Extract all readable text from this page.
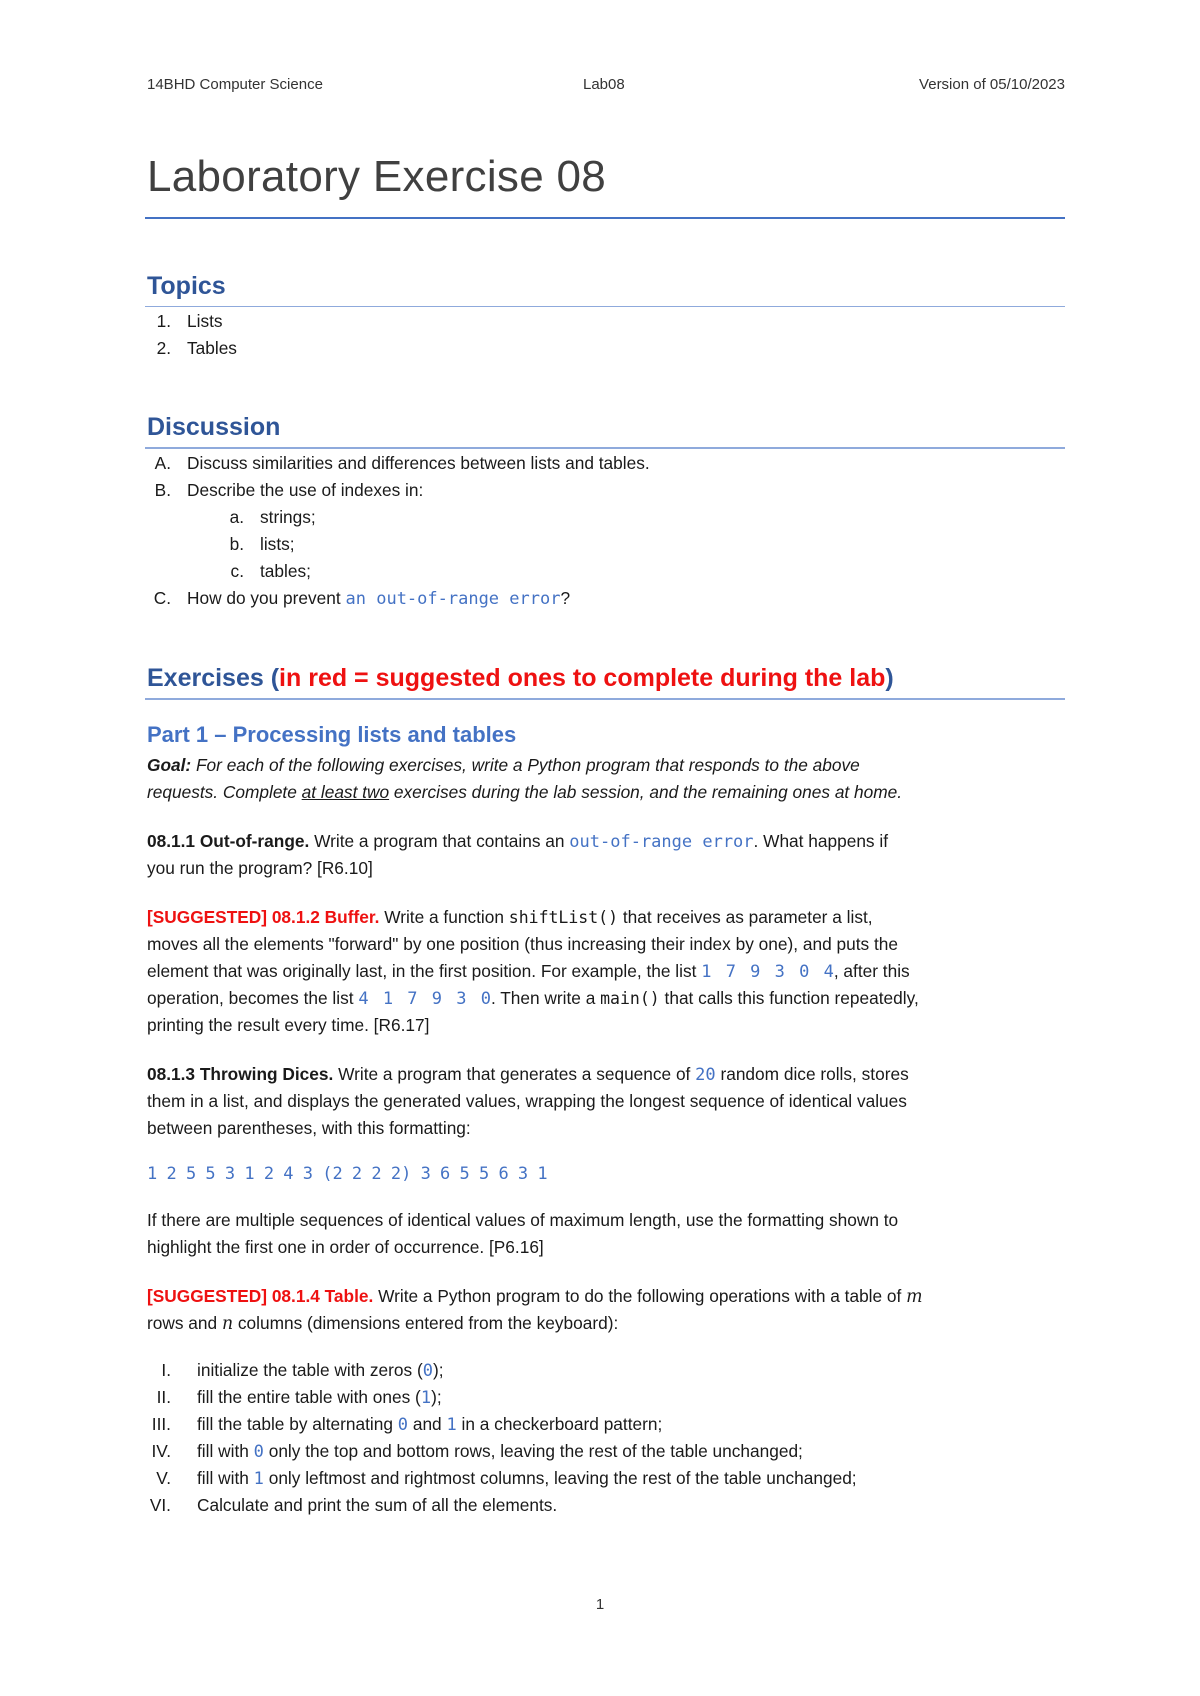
14BHD Computer Science	Lab08	Version of 05/10/2023
Laboratory Exercise 08
Topics
1. Lists
2. Tables
Discussion
A. Discuss similarities and differences between lists and tables.
B. Describe the use of indexes in:
a. strings;
b. lists;
c. tables;
C. How do you prevent an out-of-range error?
Exercises (in red = suggested ones to complete during the lab)
Part 1 – Processing lists and tables
Goal: For each of the following exercises, write a Python program that responds to the above
requests. Complete at least two exercises during the lab session, and the remaining ones at home.
08.1.1 Out-of-range. Write a program that contains an out-of-range error. What happens if
you run the program? [R6.10]
[SUGGESTED] 08.1.2 Buffer. Write a function shiftList() that receives as parameter a list,
moves all the elements "forward" by one position (thus increasing their index by one), and puts the
element that was originally last, in the first position. For example, the list 1 7 9 3 0 4, after this
operation, becomes the list 4 1 7 9 3 0. Then write a main() that calls this function repeatedly,
printing the result every time. [R6.17]
08.1.3 Throwing Dices. Write a program that generates a sequence of 20 random dice rolls, stores
them in a list, and displays the generated values, wrapping the longest sequence of identical values
between parentheses, with this formatting:
1 2 5 5 3 1 2 4 3 (2 2 2 2) 3 6 5 5 6 3 1
If there are multiple sequences of identical values of maximum length, use the formatting shown to
highlight the first one in order of occurrence. [P6.16]
[SUGGESTED] 08.1.4 Table. Write a Python program to do the following operations with a table of m
rows and n columns (dimensions entered from the keyboard):
I. initialize the table with zeros (0);
II. fill the entire table with ones (1);
III. fill the table by alternating 0 and 1 in a checkerboard pattern;
IV. fill with 0 only the top and bottom rows, leaving the rest of the table unchanged;
V. fill with 1 only leftmost and rightmost columns, leaving the rest of the table unchanged;
VI. Calculate and print the sum of all the elements.
1
